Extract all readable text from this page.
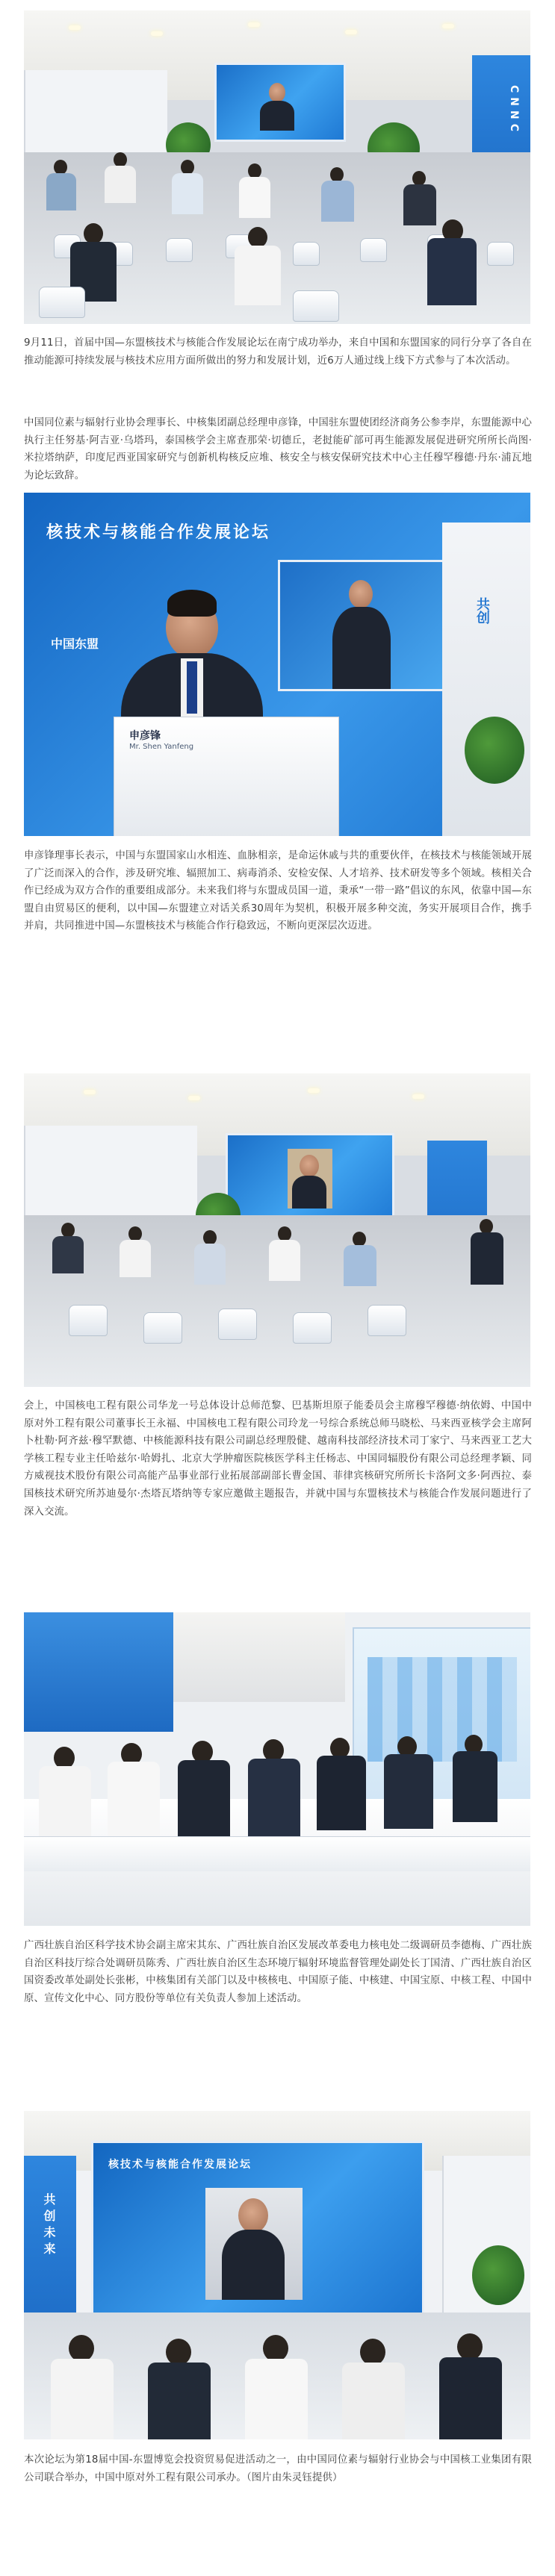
CNNC

9月11日，首届中国—东盟核技术与核能合作发展论坛在南宁成功举办，来自中国和东盟国家的同行分享了各自在推动能源可持续发展与核技术应用方面所做出的努力和发展计划，近6万人通过线上线下方式参与了本次活动。

中国同位素与辐射行业协会理事长、中核集团副总经理申彦锋，中国驻东盟使团经济商务公参李岸，东盟能源中心执行主任努基·阿吉亚·乌塔玛，泰国核学会主席查那荣·切德丘，老挝能矿部可再生能源发展促进研究所所长尚图·米拉塔纳萨，印度尼西亚国家研究与创新机构核反应堆、核安全与核安保研究技术中心主任穆罕穆德·丹东·浦瓦地为论坛致辞。

核技术与核能合作发展论坛
中国东盟
共创
申彦锋
Mr. Shen Yanfeng

申彦锋理事长表示，中国与东盟国家山水相连、血脉相亲，是命运休戚与共的重要伙伴，在核技术与核能领域开展了广泛而深入的合作，涉及研究堆、辐照加工、病毒消杀、安检安保、人才培养、技术研发等多个领域。核相关合作已经成为双方合作的重要组成部分。未来我们将与东盟成员国一道，秉承“一带一路”倡议的东风，依靠中国—东盟自由贸易区的便利，以中国—东盟建立对话关系30周年为契机，积极开展多种交流，务实开展项目合作，携手并肩，共同推进中国—东盟核技术与核能合作行稳致远，不断向更深层次迈进。

会上，中国核电工程有限公司华龙一号总体设计总师范黎、巴基斯坦原子能委员会主席穆罕穆德·纳依姆、中国中原对外工程有限公司董事长王永福、中国核电工程有限公司玲龙一号综合系统总师马晓松、马来西亚核学会主席阿卜杜勒·阿齐兹·穆罕默德、中核能源科技有限公司副总经理殷健、越南科技部经济技术司丁家宁、马来西亚工艺大学核工程专业主任哈兹尔·哈姆扎、北京大学肿瘤医院核医学科主任杨志、中国同辐股份有限公司总经理孝颖、同方威视技术股份有限公司高能产品事业部行业拓展部副部长曹金国、菲律宾核研究所所长卡洛阿文多·阿西拉、泰国核技术研究所苏迪曼尔·杰塔瓦塔纳等专家应邀做主题报告，并就中国与东盟核技术与核能合作发展问题进行了深入交流。

广西壮族自治区科学技术协会副主席宋其东、广西壮族自治区发展改革委电力核电处二级调研员李德梅、广西壮族自治区科技厅综合处调研员陈秀、广西壮族自治区生态环境厅辐射环境监督管理处副处长丁国清、广西壮族自治区国资委改革处副处长张彬，中核集团有关部门以及中核核电、中国原子能、中核建、中国宝原、中核工程、中国中原、宣传文化中心、同方股份等单位有关负责人参加上述活动。

核技术与核能合作发展论坛
共创未来

本次论坛为第18届中国-东盟博览会投资贸易促进活动之一，由中国同位素与辐射行业协会与中国核工业集团有限公司联合举办，中国中原对外工程有限公司承办。（图片由朱灵钰提供）
